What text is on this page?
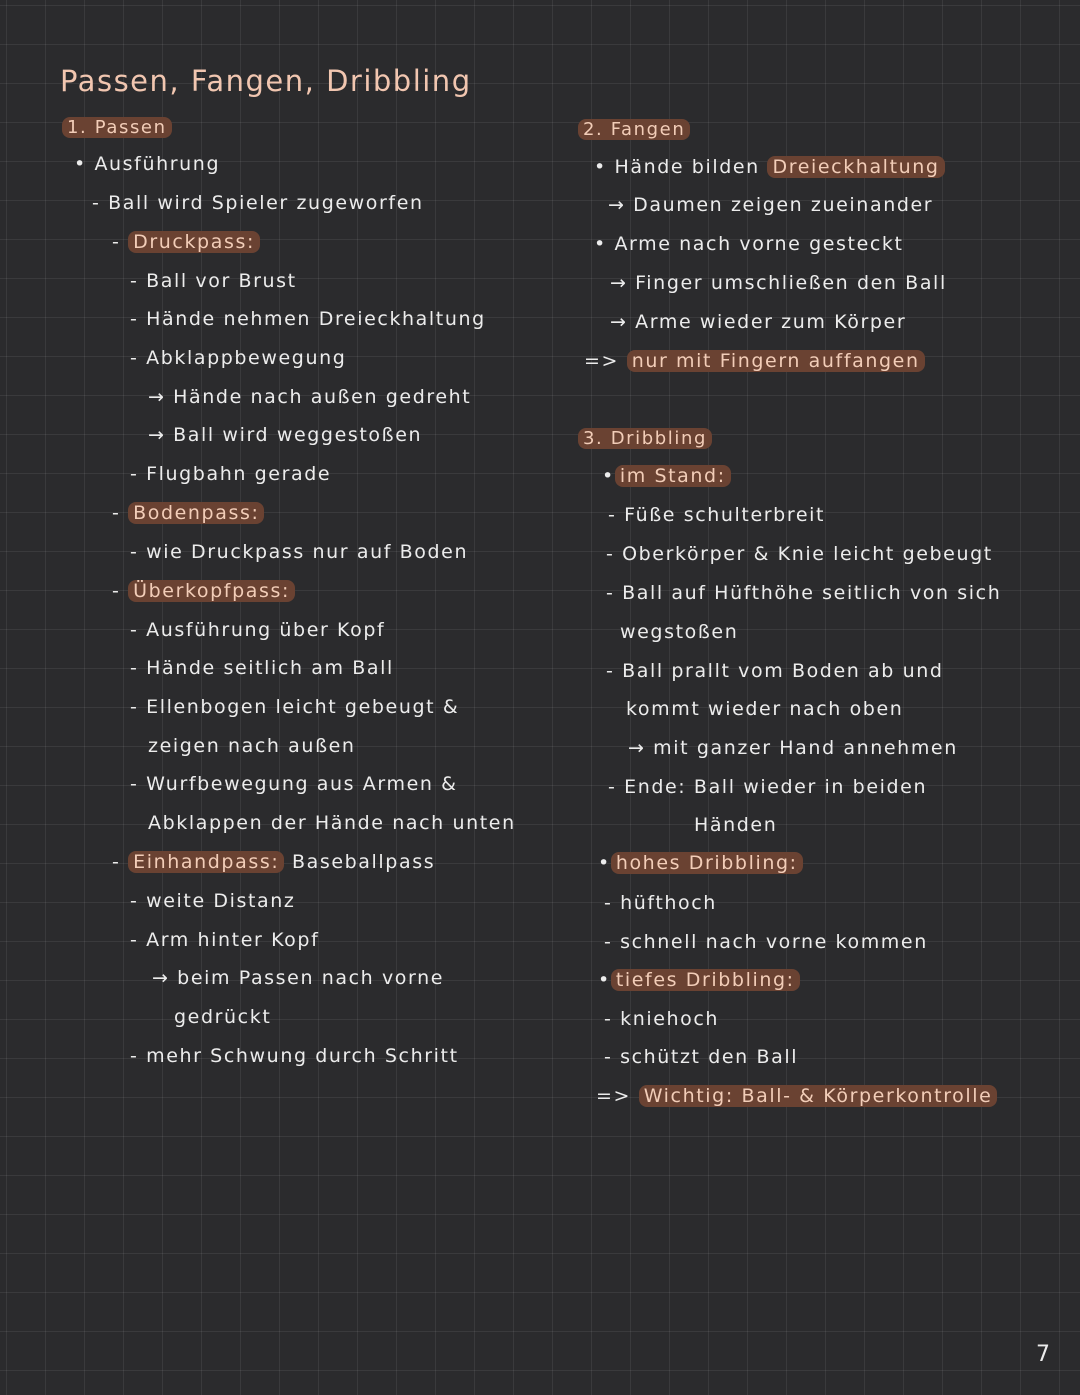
Passen, Fangen, Dribbling
1. Passen
• Ausführung
- Ball wird Spieler zugeworfen
- Druckpass:
- Ball vor Brust
- Hände nehmen Dreieckhaltung
- Abklappbewegung
→ Hände nach außen gedreht
→ Ball wird weggestoßen
- Flugbahn gerade
- Bodenpass:
- wie Druckpass nur auf Boden
- Überkopfpass:
- Ausführung über Kopf
- Hände seitlich am Ball
- Ellenbogen leicht gebeugt &
zeigen nach außen
- Wurfbewegung aus Armen &
Abklappen der Hände nach unten
- Einhandpass: Baseballpass
- weite Distanz
- Arm hinter Kopf
→ beim Passen nach vorne
gedrückt
- mehr Schwung durch Schritt
2. Fangen
• Hände bilden Dreieckhaltung
→ Daumen zeigen zueinander
• Arme nach vorne gesteckt
→ Finger umschließen den Ball
→ Arme wieder zum Körper
=> nur mit Fingern auffangen
3. Dribbling
• im Stand:
- Füße schulterbreit
- Oberkörper & Knie leicht gebeugt
- Ball auf Hüfthöhe seitlich von sich
wegstoßen
- Ball prallt vom Boden ab und
kommt wieder nach oben
→ mit ganzer Hand annehmen
- Ende: Ball wieder in beiden
Händen
• hohes Dribbling:
- hüfthoch
- schnell nach vorne kommen
• tiefes Dribbling:
- kniehoch
- schützt den Ball
=> Wichtig: Ball- & Körperkontrolle
7
